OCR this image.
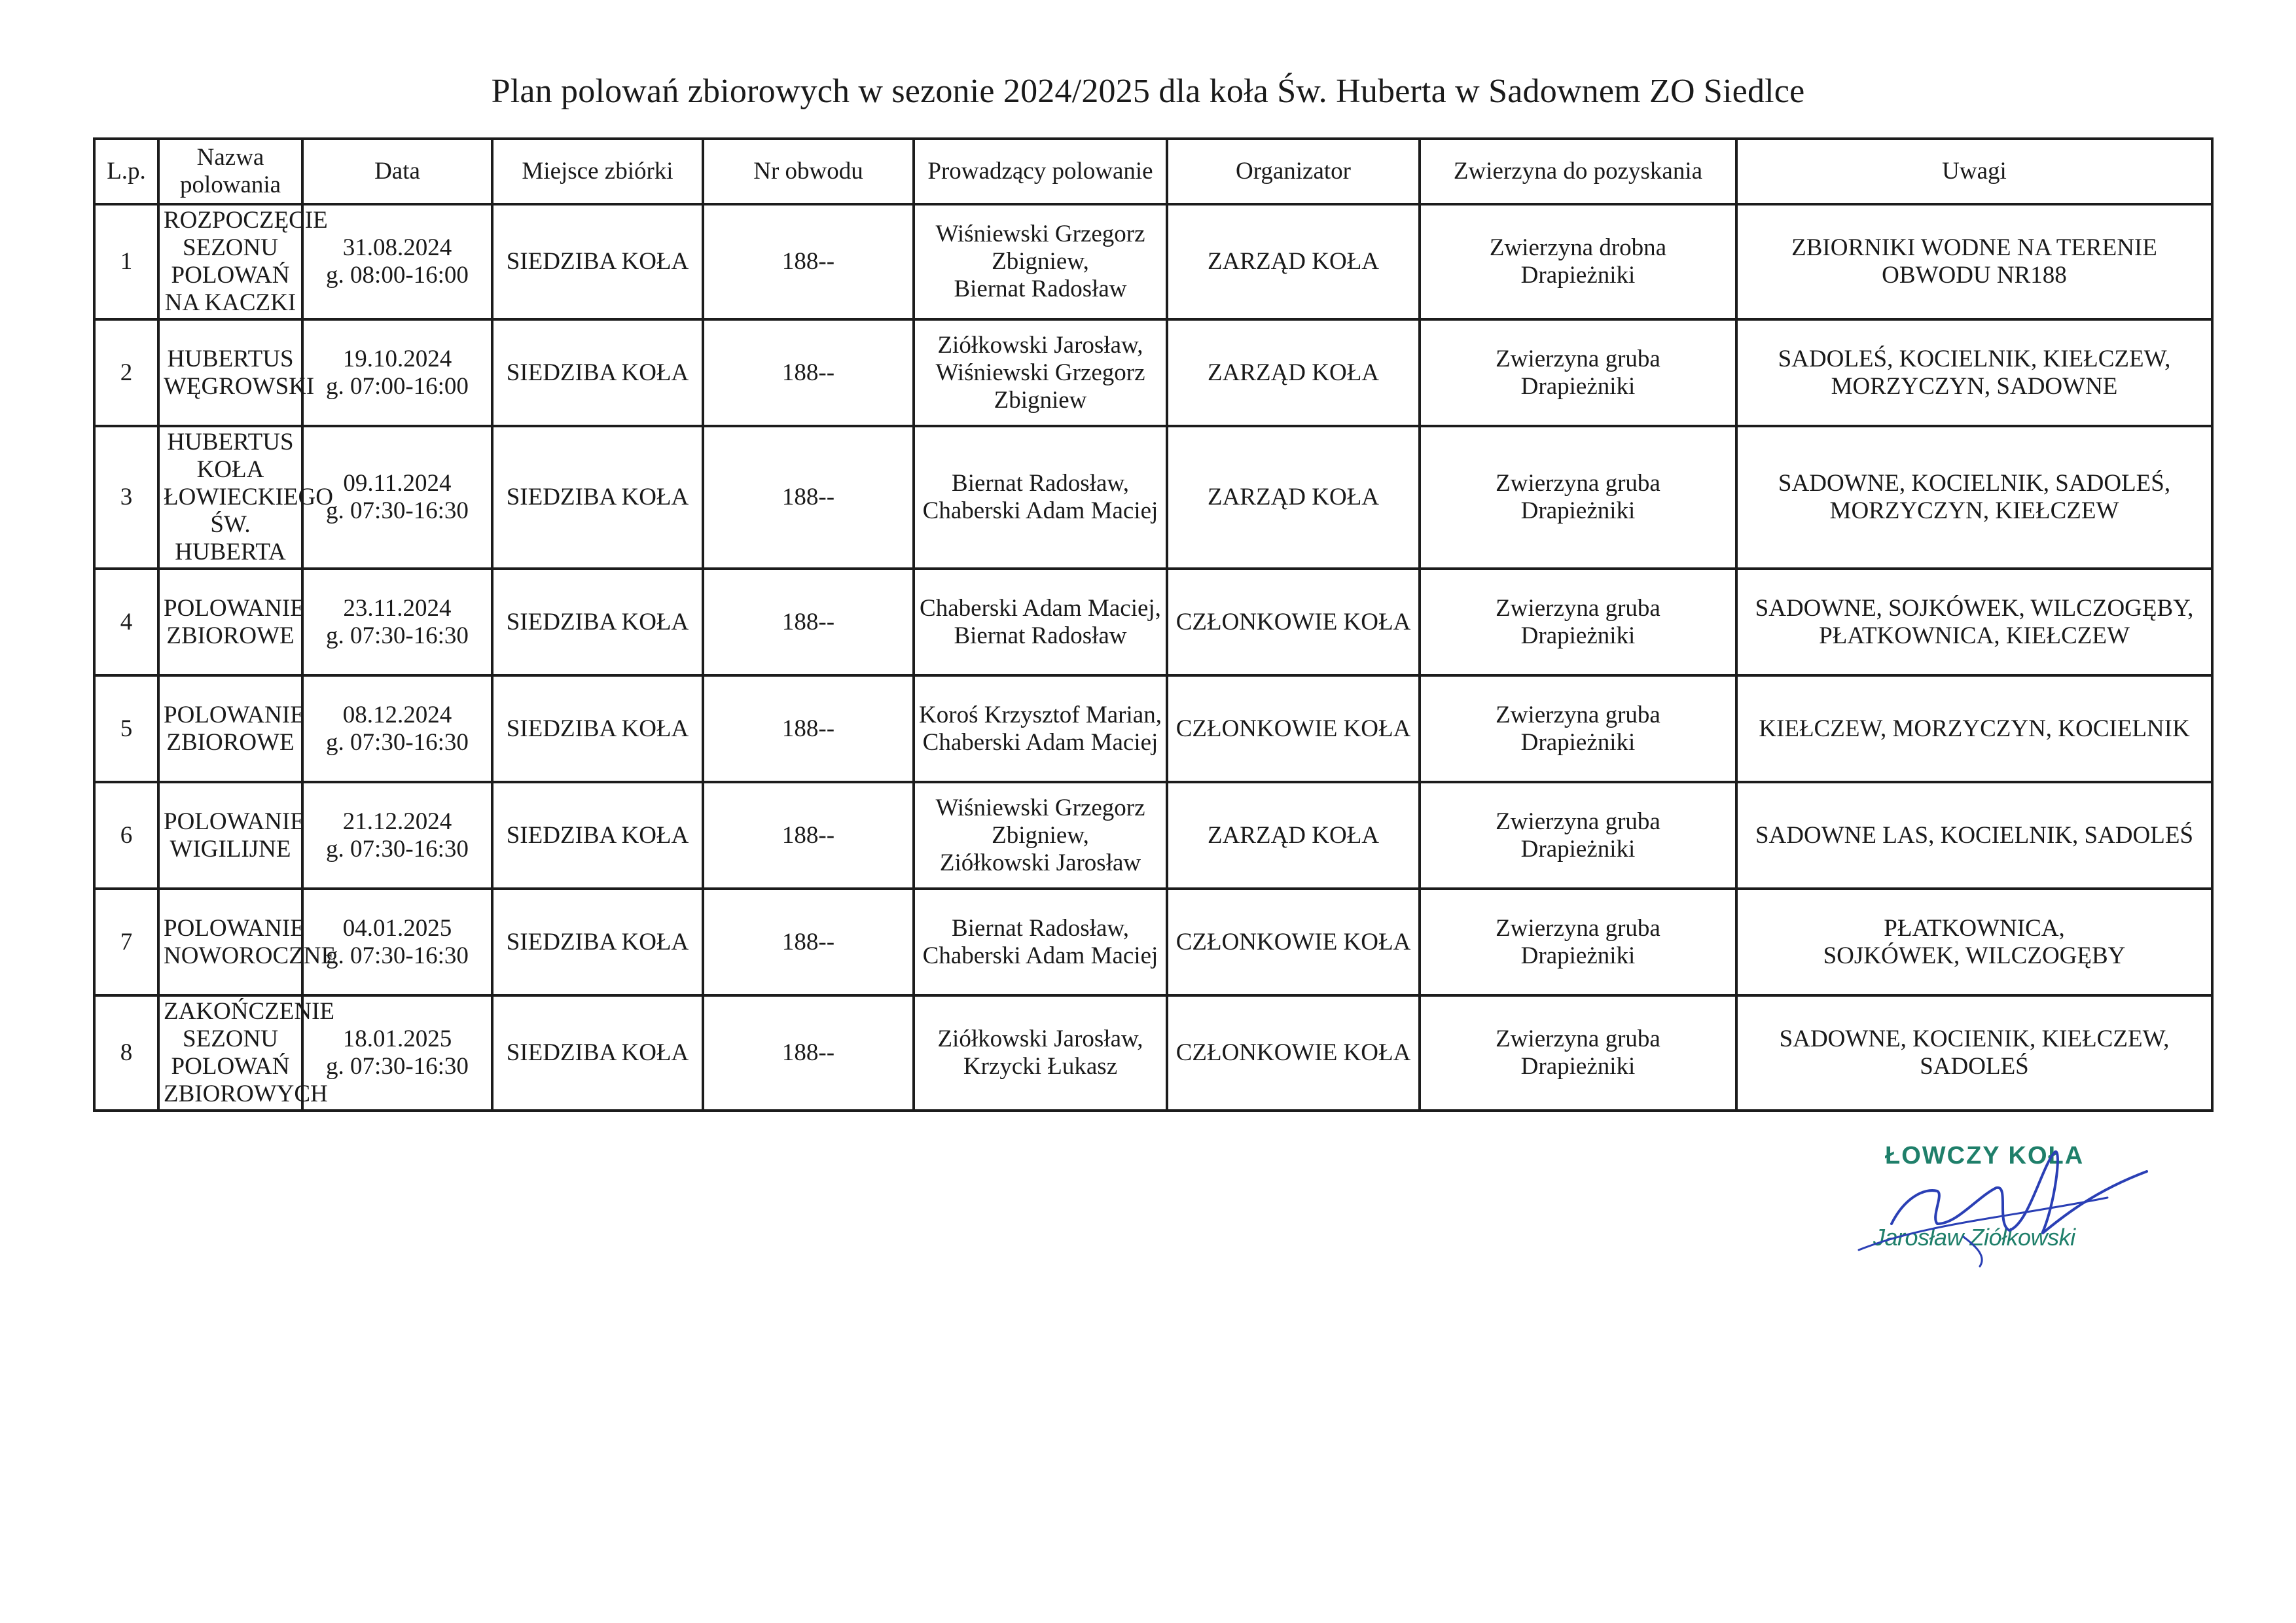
Plan polowań zbiorowych w sezonie 2024/2025 dla koła Św. Huberta w Sadownem ZO Siedlce
L.p.	Nazwa polowania	Data	Miejsce zbiórki	Nr obwodu	Prowadzący polowanie	Organizator	Zwierzyna do pozyskania	Uwagi
1	ROZPOCZĘCIE SEZONU POLOWAŃ NA KACZKI	31.08.2024
g. 08:00-16:00	SIEDZIBA KOŁA	188--	Wiśniewski Grzegorz Zbigniew,
Biernat Radosław	ZARZĄD KOŁA	Zwierzyna drobna
Drapieżniki	ZBIORNIKI WODNE NA TERENIE OBWODU NR188
2	HUBERTUS WĘGROWSKI	19.10.2024
g. 07:00-16:00	SIEDZIBA KOŁA	188--	Ziółkowski Jarosław, Wiśniewski Grzegorz Zbigniew	ZARZĄD KOŁA	Zwierzyna gruba
Drapieżniki	SADOLEŚ, KOCIELNIK, KIEŁCZEW, MORZYCZYN, SADOWNE
3	HUBERTUS KOŁA ŁOWIECKIEGO ŚW. HUBERTA	09.11.2024
g. 07:30-16:30	SIEDZIBA KOŁA	188--	Biernat Radosław, Chaberski Adam Maciej	ZARZĄD KOŁA	Zwierzyna gruba
Drapieżniki	SADOWNE, KOCIELNIK, SADOLEŚ, MORZYCZYN, KIEŁCZEW
4	POLOWANIE ZBIOROWE	23.11.2024
g. 07:30-16:30	SIEDZIBA KOŁA	188--	Chaberski Adam Maciej,
Biernat Radosław	CZŁONKOWIE KOŁA	Zwierzyna gruba
Drapieżniki	SADOWNE, SOJKÓWEK, WILCZOGĘBY,
PŁATKOWNICA, KIEŁCZEW
5	POLOWANIE ZBIOROWE	08.12.2024
g. 07:30-16:30	SIEDZIBA KOŁA	188--	Koroś Krzysztof Marian, Chaberski Adam Maciej	CZŁONKOWIE KOŁA	Zwierzyna gruba
Drapieżniki	KIEŁCZEW, MORZYCZYN, KOCIELNIK
6	POLOWANIE WIGILIJNE	21.12.2024
g. 07:30-16:30	SIEDZIBA KOŁA	188--	Wiśniewski Grzegorz Zbigniew,
Ziółkowski Jarosław	ZARZĄD KOŁA	Zwierzyna gruba
Drapieżniki	SADOWNE LAS, KOCIELNIK, SADOLEŚ
7	POLOWANIE NOWOROCZNE	04.01.2025
g. 07:30-16:30	SIEDZIBA KOŁA	188--	Biernat Radosław, Chaberski Adam Maciej	CZŁONKOWIE KOŁA	Zwierzyna gruba
Drapieżniki	PŁATKOWNICA,
SOJKÓWEK, WILCZOGĘBY
8	ZAKOŃCZENIE SEZONU POLOWAŃ ZBIOROWYCH	18.01.2025
g. 07:30-16:30	SIEDZIBA KOŁA	188--	Ziółkowski Jarosław,
Krzycki Łukasz	CZŁONKOWIE KOŁA	Zwierzyna gruba
Drapieżniki	SADOWNE, KOCIENIK, KIEŁCZEW, SADOLEŚ
ŁOWCZY KOŁA
Jarosław Ziółkowski
